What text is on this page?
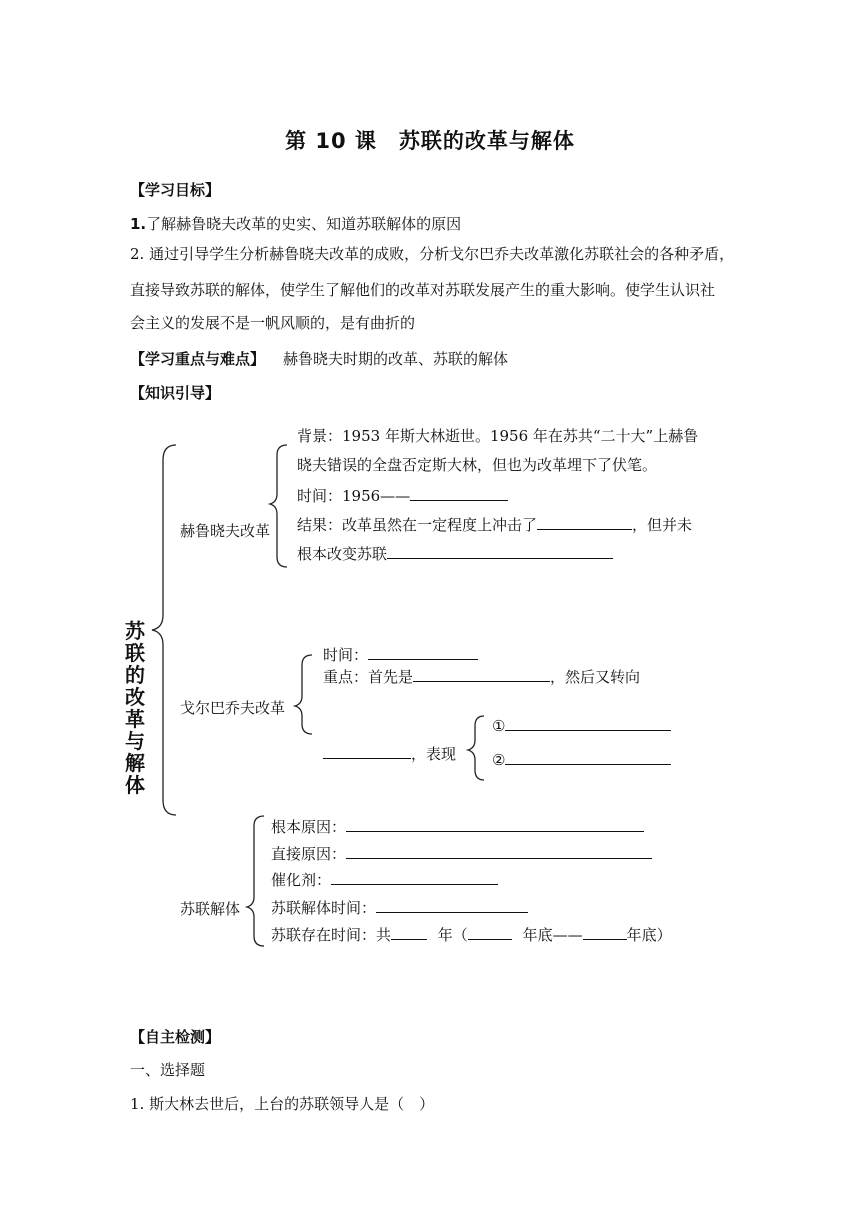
第 10 课　苏联的改革与解体
【学习目标】
1.了解赫鲁晓夫改革的史实、知道苏联解体的原因
2. 通过引导学生分析赫鲁晓夫改革的成败，分析戈尔巴乔夫改革激化苏联社会的各种矛盾，
直接导致苏联的解体，使学生了解他们的改革对苏联发展产生的重大影响。使学生认识社
会主义的发展不是一帆风顺的，是有曲折的
【学习重点与难点】 赫鲁晓夫时期的改革、苏联的解体
【知识引导】
苏联的改革与解体
赫鲁晓夫改革
背景：1953 年斯大林逝世。1956 年在苏共“二十大”上赫鲁
晓夫错误的全盘否定斯大林，但也为改革埋下了伏笔。
时间：1956——
结果：改革虽然在一定程度上冲击了	，但并未
根本改变苏联
戈尔巴乔夫改革
时间：
重点：首先是	，然后又转向
，表现
①
②
苏联解体
根本原因：
直接原因：
催化剂：
苏联解体时间：
苏联存在时间：共	年（	年底——	年底）
【自主检测】
一、选择题
1. 斯大林去世后，上台的苏联领导人是（　）
